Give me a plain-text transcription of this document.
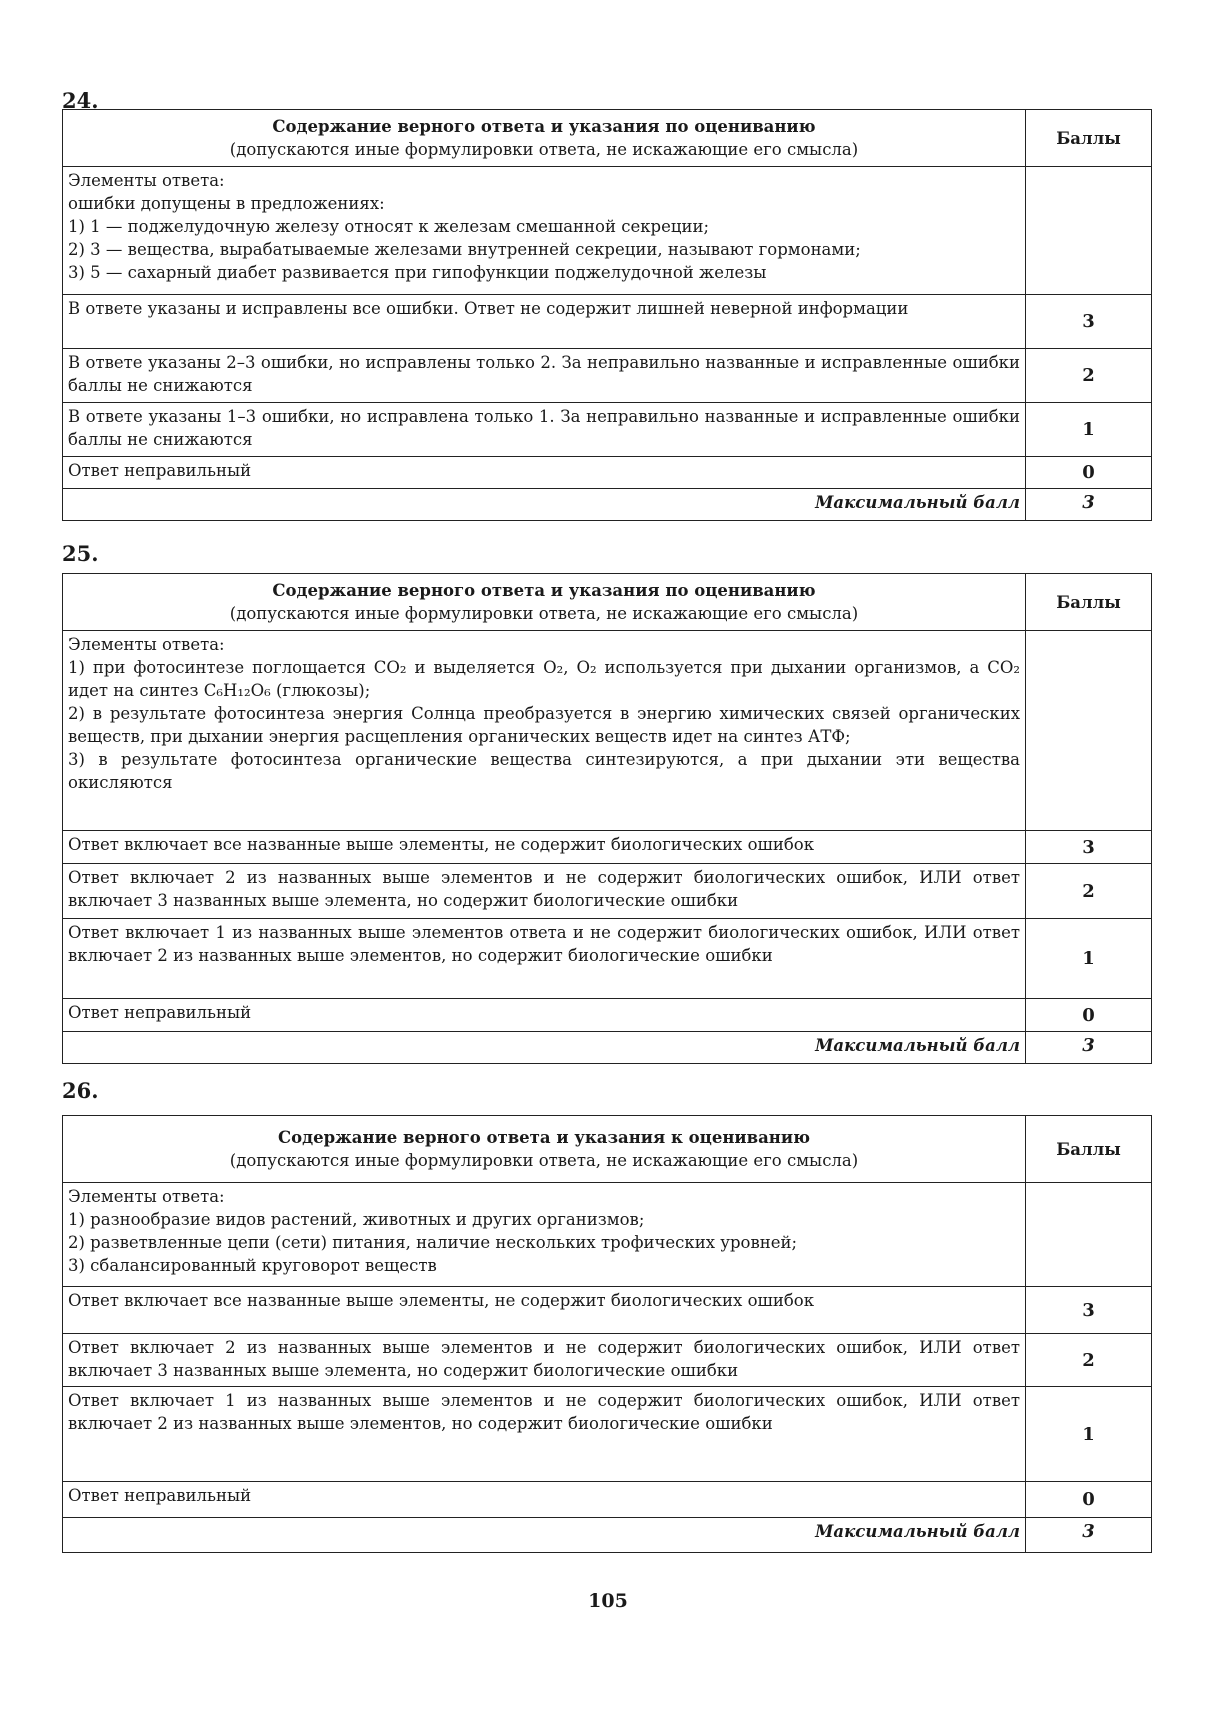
24.
Содержание верного ответа и указания по оцениванию
(допускаются иные формулировки ответа, не искажающие его смысла)	Баллы

Элементы ответа:
ошибки допущены в предложениях:
1) 1 — поджелудочную железу относят к железам смешанной секреции;
2) 3 — вещества, вырабатываемые железами внутренней секреции, называют гормонами;
3) 5 — сахарный диабет развивается при гипофункции поджелудочной железы	

В ответе указаны и исправлены все ошибки. Ответ не содержит лишней неверной информации	3
В ответе указаны 2–3 ошибки, но исправлены только 2. За неправильно названные и исправленные ошибки баллы не снижаются	2
В ответе указаны 1–3 ошибки, но исправлена только 1. За неправильно названные и исправленные ошибки баллы не снижаются	1
Ответ неправильный	0
Максимальный балл	3
25.
Содержание верного ответа и указания по оцениванию
(допускаются иные формулировки ответа, не искажающие его смысла)	Баллы

Элементы ответа:
1) при фотосинтезе поглощается CO₂ и выделяется O₂, O₂ используется при дыхании организмов, а CO₂ идет на синтез C₆H₁₂O₆ (глюкозы);
2) в результате фотосинтеза энергия Солнца преобразуется в энергию химических связей органических веществ, при дыхании энергия расщепления органических веществ идет на синтез АТФ;
3) в результате фотосинтеза органические вещества синтезируются, а при дыхании эти вещества окисляются	

Ответ включает все названные выше элементы, не содержит биологических ошибок	3
Ответ включает 2 из названных выше элементов и не содержит биологических ошибок, ИЛИ ответ включает 3 названных выше элемента, но содержит биологические ошибки	2
Ответ включает 1 из названных выше элементов ответа и не содержит биологических ошибок, ИЛИ ответ включает 2 из названных выше элементов, но содержит биологические ошибки	1
Ответ неправильный	0
Максимальный балл	3
26.
Содержание верного ответа и указания к оцениванию
(допускаются иные формулировки ответа, не искажающие его смысла)	Баллы

Элементы ответа:
1) разнообразие видов растений, животных и других организмов;
2) разветвленные цепи (сети) питания, наличие нескольких трофических уровней;
3) сбалансированный круговорот веществ	

Ответ включает все названные выше элементы, не содержит биологических ошибок	3
Ответ включает 2 из названных выше элементов и не содержит биологических ошибок, ИЛИ ответ включает 3 названных выше элемента, но содержит биологические ошибки	2
Ответ включает 1 из названных выше элементов и не содержит биологических ошибок, ИЛИ ответ включает 2 из названных выше элементов, но содержит биологические ошибки	1
Ответ неправильный	0
Максимальный балл	3
105
